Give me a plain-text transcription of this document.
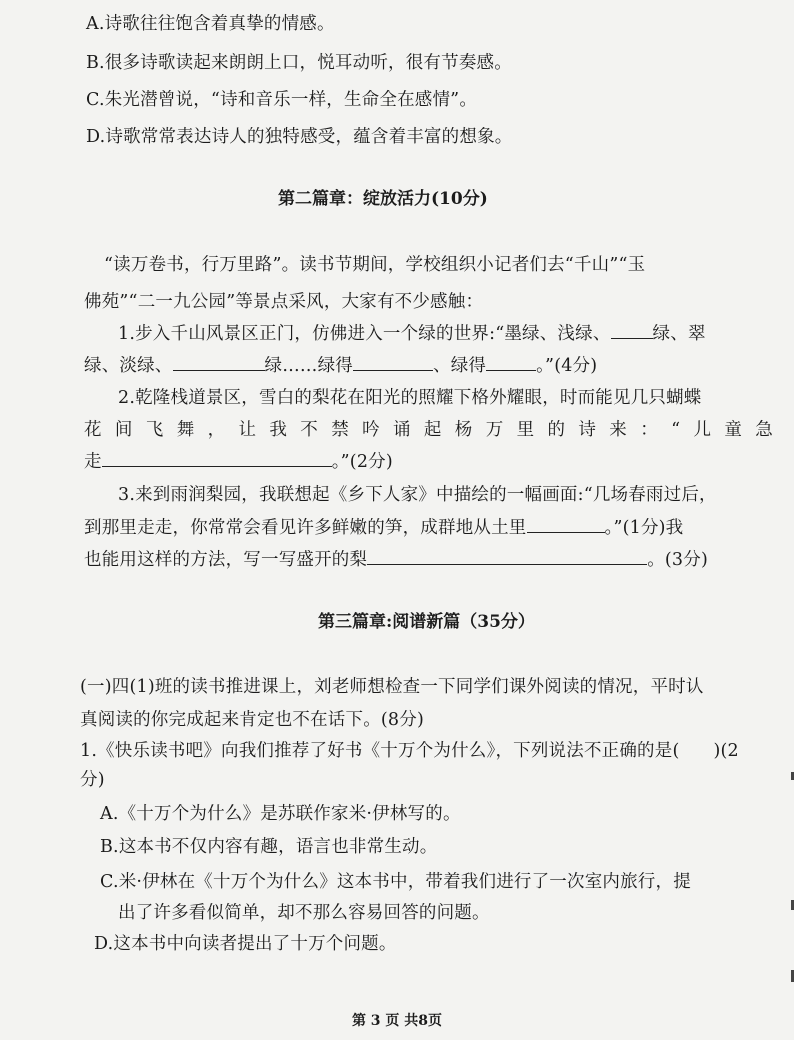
A.诗歌往往饱含着真挚的情感。
B.很多诗歌读起来朗朗上口，悦耳动听，很有节奏感。
C.朱光潜曾说，“诗和音乐一样，生命全在感情”。
D.诗歌常常表达诗人的独特感受，蕴含着丰富的想象。
第二篇章：绽放活力(10分)
“读万卷书，行万里路”。读书节期间，学校组织小记者们去“千山”“玉
佛苑”“二一九公园”等景点采风，大家有不少感触：
1.步入千山风景区正门，仿佛进入一个绿的世界:“墨绿、浅绿、 绿、翠
绿、淡绿、	绿……绿得	、绿得	。”(4分)
2.乾隆栈道景区，雪白的梨花在阳光的照耀下格外耀眼，时而能见几只蝴蝶
花间飞舞，让我不禁吟诵起杨万里的诗来：“儿童急
走	。”(2分)
3.来到雨润梨园，我联想起《乡下人家》中描绘的一幅画面:“几场春雨过后，
到那里走走，你常常会看见许多鲜嫩的笋，成群地从土里	。”(1分)我
也能用这样的方法，写一写盛开的梨	。(3分)
第三篇章:阅谱新篇（35分）
(一)四(1)班的读书推进课上，刘老师想检查一下同学们课外阅读的情况，平时认
真阅读的你完成起来肯定也不在话下。(8分)
1.《快乐读书吧》向我们推荐了好书《十万个为什么》，下列说法不正确的是( )(2
分)
A.《十万个为什么》是苏联作家米·伊林写的。
B.这本书不仅内容有趣，语言也非常生动。
C.米·伊林在《十万个为什么》这本书中，带着我们进行了一次室内旅行，提
出了许多看似简单，却不那么容易回答的问题。
D.这本书中向读者提出了十万个问题。
第 3 页 共8页
